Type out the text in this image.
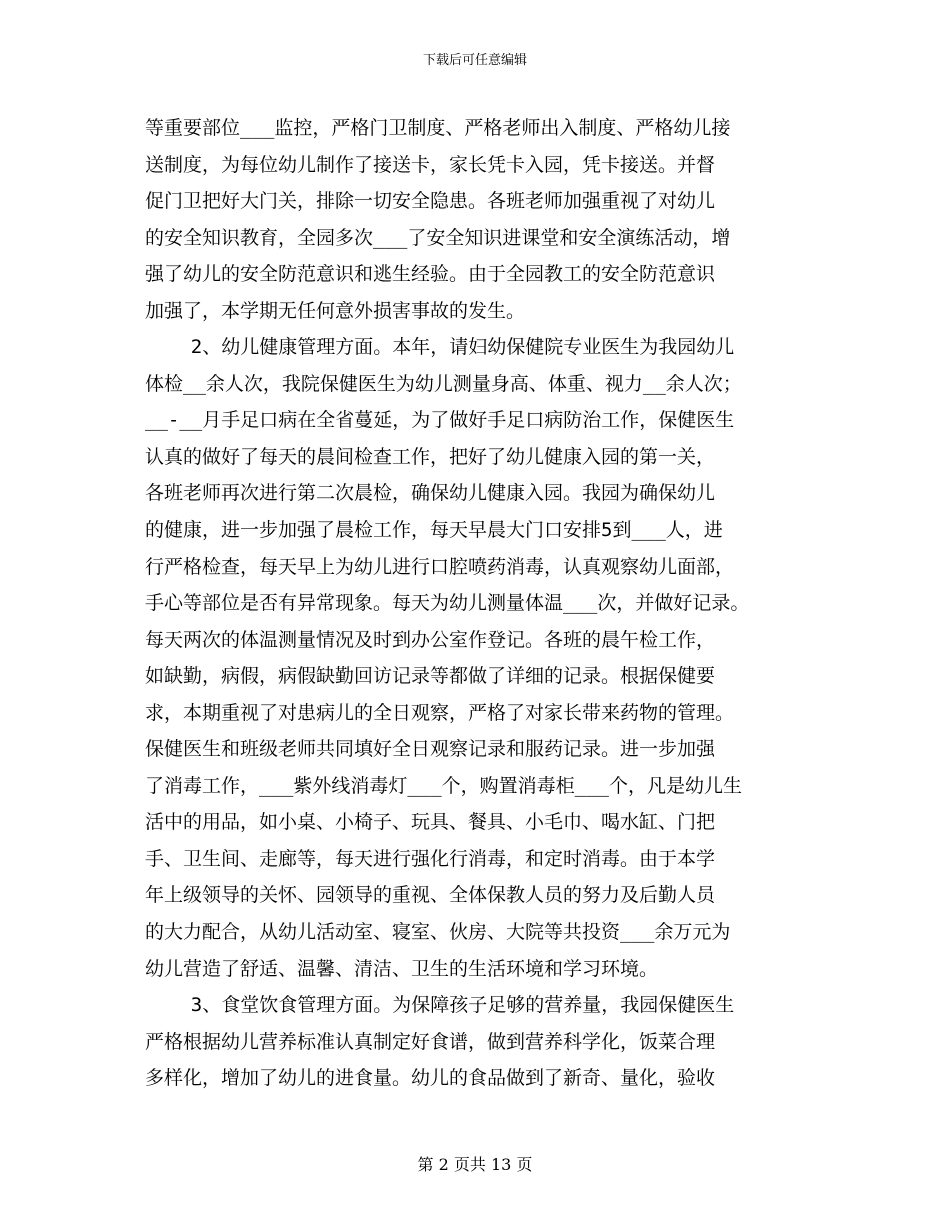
下载后可任意编辑
等重要部位___监控，严格门卫制度、严格老师出入制度、严格幼儿接
送制度，为每位幼儿制作了接送卡，家长凭卡入园，凭卡接送。并督
促门卫把好大门关，排除一切安全隐患。各班老师加强重视了对幼儿
的安全知识教育，全园多次___了安全知识进课堂和安全演练活动，增
强了幼儿的安全防范意识和逃生经验。由于全园教工的安全防范意识
加强了，本学期无任何意外损害事故的发生。
2、幼儿健康管理方面。本年，请妇幼保健院专业医生为我园幼儿
体检__余人次，我院保健医生为幼儿测量身高、体重、视力__余人次；
__-__月手足口病在全省蔓延，为了做好手足口病防治工作，保健医生
认真的做好了每天的晨间检查工作，把好了幼儿健康入园的第一关，
各班老师再次进行第二次晨检，确保幼儿健康入园。我园为确保幼儿
的健康，进一步加强了晨检工作，每天早晨大门口安排5到___人，进
行严格检查，每天早上为幼儿进行口腔喷药消毒，认真观察幼儿面部，
手心等部位是否有异常现象。每天为幼儿测量体温___次，并做好记录。
每天两次的体温测量情况及时到办公室作登记。各班的晨午检工作，
如缺勤，病假，病假缺勤回访记录等都做了详细的记录。根据保健要
求，本期重视了对患病儿的全日观察，严格了对家长带来药物的管理。
保健医生和班级老师共同填好全日观察记录和服药记录。进一步加强
了消毒工作，___紫外线消毒灯___个，购置消毒柜___个，凡是幼儿生
活中的用品，如小桌、小椅子、玩具、餐具、小毛巾、喝水缸、门把
手、卫生间、走廊等，每天进行强化行消毒，和定时消毒。由于本学
年上级领导的关怀、园领导的重视、全体保教人员的努力及后勤人员
的大力配合，从幼儿活动室、寝室、伙房、大院等共投资___余万元为
幼儿营造了舒适、温馨、清洁、卫生的生活环境和学习环境。
3、食堂饮食管理方面。为保障孩子足够的营养量，我园保健医生
严格根据幼儿营养标准认真制定好食谱，做到营养科学化，饭菜合理
多样化，增加了幼儿的进食量。幼儿的食品做到了新奇、量化，验收
第 2 页共 13 页
